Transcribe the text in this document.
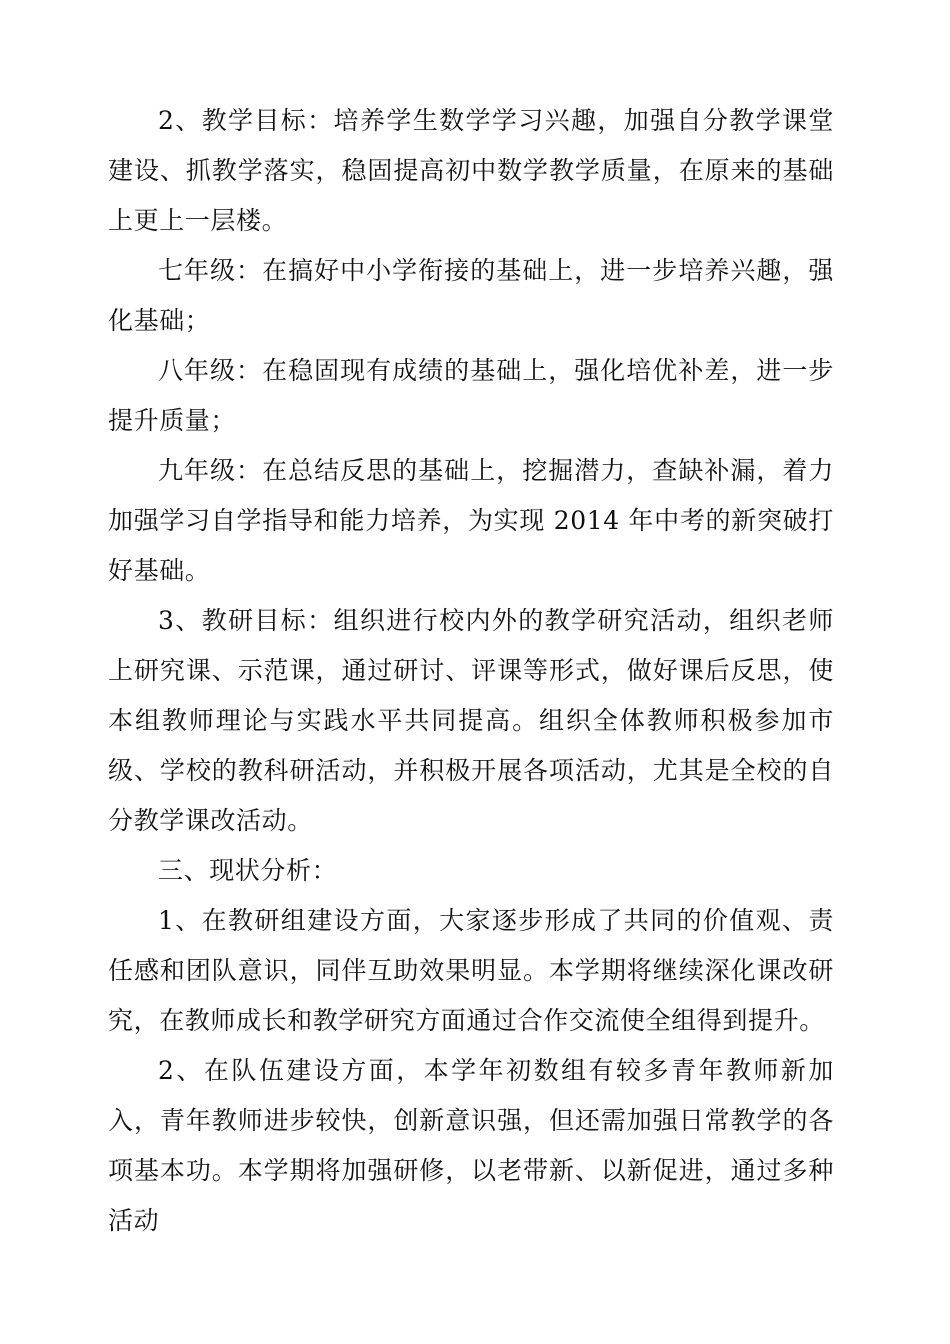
2、教学目标：培养学生数学学习兴趣，加强自分教学课堂建设、抓教学落实，稳固提高初中数学教学质量，在原来的基础上更上一层楼。

七年级：在搞好中小学衔接的基础上，进一步培养兴趣，强化基础；

八年级：在稳固现有成绩的基础上，强化培优补差，进一步提升质量；

九年级：在总结反思的基础上，挖掘潜力，查缺补漏，着力加强学习自学指导和能力培养，为实现 2014 年中考的新突破打好基础。

3、教研目标：组织进行校内外的教学研究活动，组织老师上研究课、示范课，通过研讨、评课等形式，做好课后反思，使本组教师理论与实践水平共同提高。组织全体教师积极参加市级、学校的教科研活动，并积极开展各项活动，尤其是全校的自分教学课改活动。

三、现状分析：

1、在教研组建设方面，大家逐步形成了共同的价值观、责任感和团队意识，同伴互助效果明显。本学期将继续深化课改研究，在教师成长和教学研究方面通过合作交流使全组得到提升。

2、在队伍建设方面，本学年初数组有较多青年教师新加入，青年教师进步较快，创新意识强，但还需加强日常教学的各项基本功。本学期将加强研修，以老带新、以新促进，通过多种活动
